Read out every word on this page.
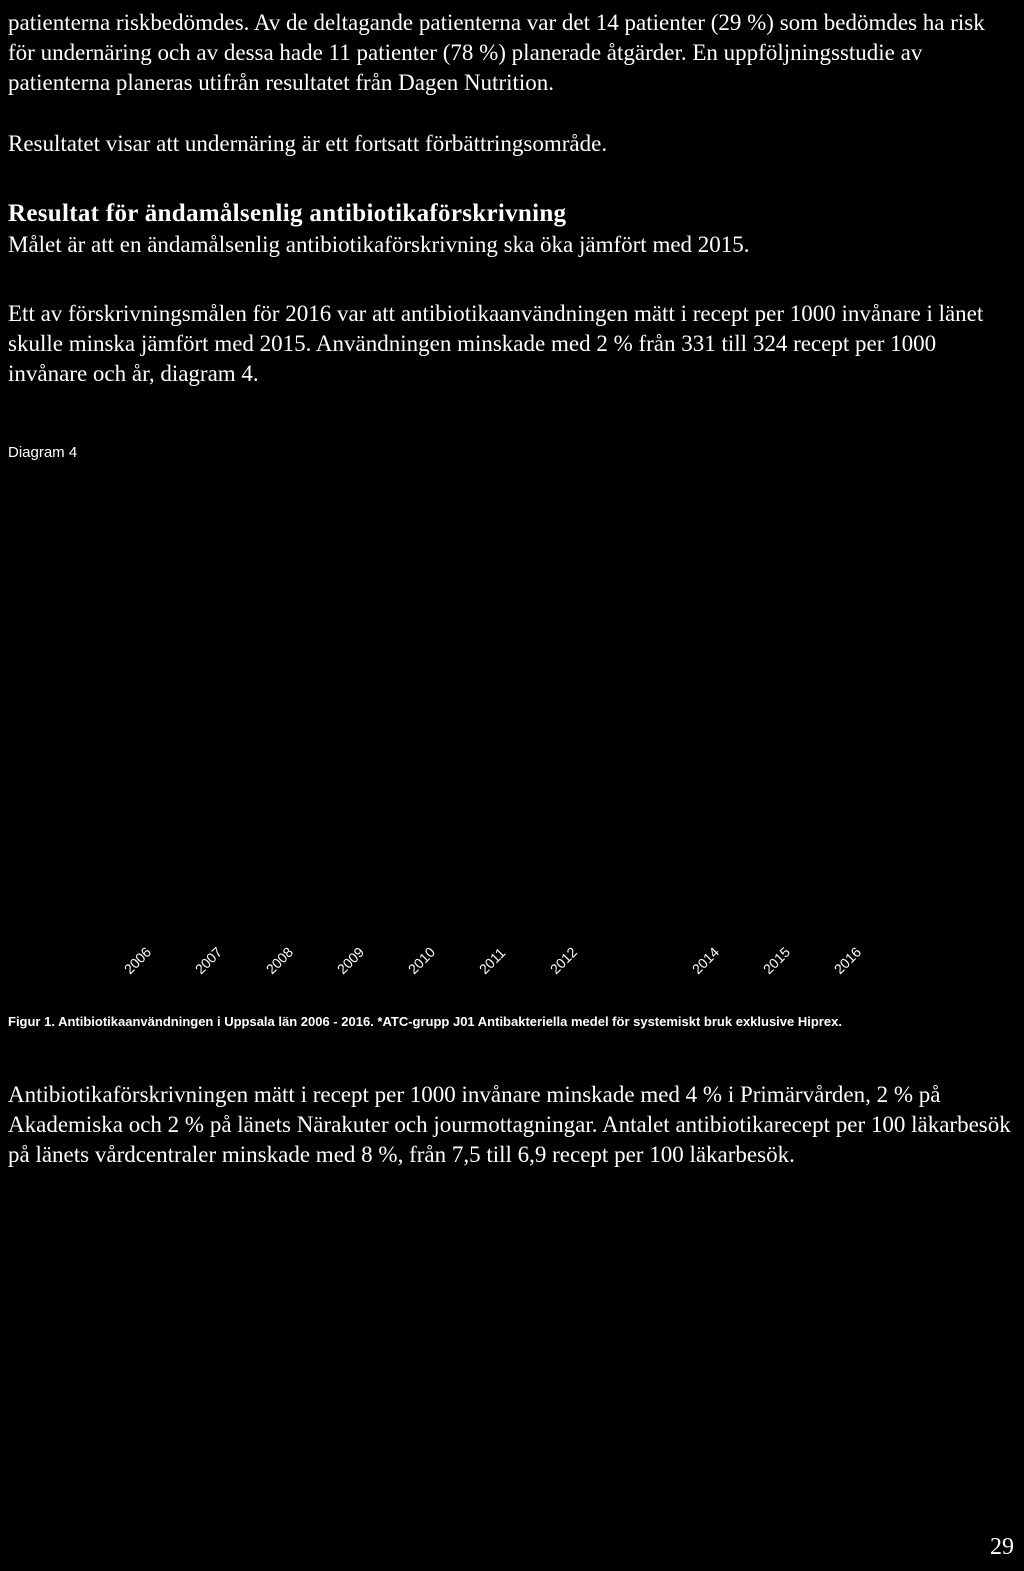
patienterna riskbedömdes. Av de deltagande patienterna var det 14 patienter (29 %) som bedömdes ha risk för undernäring och av dessa hade 11 patienter (78 %) planerade åtgärder. En uppföljningsstudie av patienterna planeras utifrån resultatet från Dagen Nutrition.

Resultatet visar att undernäring är ett fortsatt förbättringsområde.

Resultat för ändamålsenlig antibiotikaförskrivning

Målet är att en ändamålsenlig antibiotikaförskrivning ska öka jämfört med 2015.

Ett av förskrivningsmålen för 2016 var att antibiotikaanvändningen mätt i recept per 1000 invånare i länet skulle minska jämfört med 2015. Användningen minskade med 2 % från 331 till 324 recept per 1000 invånare och år, diagram 4.

Diagram 4

2006	2007	2008	2009	2010	2011	2012	2014	2015	2016

Figur 1. Antibiotikaanvändningen i Uppsala län 2006 - 2016. *ATC-grupp J01 Antibakteriella medel för systemiskt bruk exklusive Hiprex.

Antibiotikaförskrivningen mätt i recept per 1000 invånare minskade med 4 % i Primärvården, 2 % på Akademiska och 2 % på länets Närakuter och jourmottagningar. Antalet antibiotikarecept per 100 läkarbesök på länets vårdcentraler minskade med 8 %, från 7,5 till 6,9 recept per 100 läkarbesök.

29
